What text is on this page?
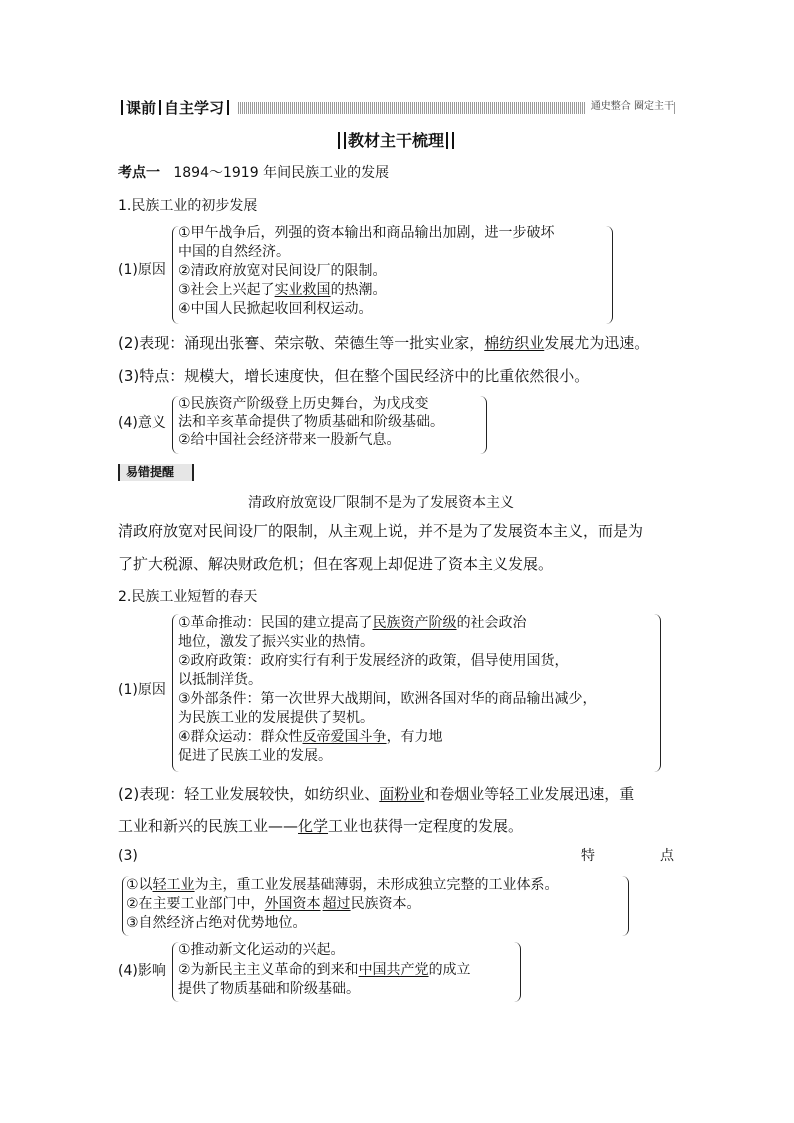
课前 自主学习	通史整合 圈定主干
教材主干梳理
考点一 1894～1919 年间民族工业的发展
1.民族工业的初步发展
(1)原因
①甲午战争后，列强的资本输出和商品输出加剧，进一步破坏
中国的自然经济。
②清政府放宽对民间设厂的限制。
③社会上兴起了实业救国的热潮。
④中国人民掀起收回利权运动。
(2)表现：涌现出张謇、荣宗敬、荣德生等一批实业家，棉纺织业发展尤为迅速。
(3)特点：规模大，增长速度快，但在整个国民经济中的比重依然很小。
(4)意义
①民族资产阶级登上历史舞台，为戊戌变
法和辛亥革命提供了物质基础和阶级基础。
②给中国社会经济带来一股新气息。
易错提醒
清政府放宽设厂限制不是为了发展资本主义
清政府放宽对民间设厂的限制，从主观上说，并不是为了发展资本主义，而是为
了扩大税源、解决财政危机；但在客观上却促进了资本主义发展。
2.民族工业短暂的春天
(1)原因
①革命推动：民国的建立提高了民族资产阶级的社会政治
地位，激发了振兴实业的热情。
②政府政策：政府实行有利于发展经济的政策，倡导使用国货，
以抵制洋货。
③外部条件：第一次世界大战期间，欧洲各国对华的商品输出减少，
为民族工业的发展提供了契机。
④群众运动：群众性反帝爱国斗争，有力地
促进了民族工业的发展。
(2)表现：轻工业发展较快，如纺织业、面粉业和卷烟业等轻工业发展迅速，重
工业和新兴的民族工业——化学工业也获得一定程度的发展。
(3)	特	点
①以轻工业为主，重工业发展基础薄弱，未形成独立完整的工业体系。
②在主要工业部门中，外国资本 超过民族资本。
③自然经济占绝对优势地位。
(4)影响
①推动新文化运动的兴起。
②为新民主主义革命的到来和中国共产党的成立
提供了物质基础和阶级基础。
